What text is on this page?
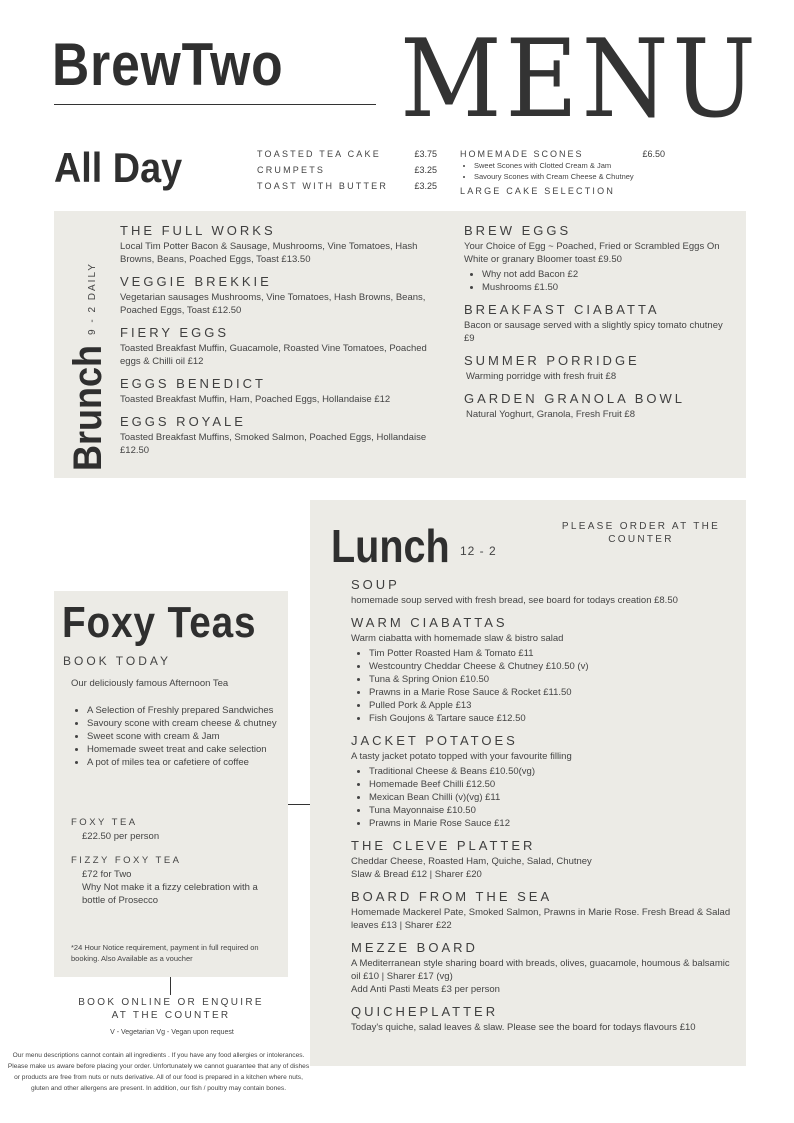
BrewTwo MENU
All Day	TOASTED TEA CAKE	£3.75
CRUMPETS	£3.25
TOAST WITH BUTTER	£3.25
HOMEMADE SCONES	£6.50
• Sweet Scones with Clotted Cream & Jam
• Savoury Scones with Cream Cheese & Chutney
LARGE CAKE SELECTION
Brunch
9 - 2 DAILY

THE FULL WORKS

Local Tim Potter Bacon & Sausage, Mushrooms, Vine Tomatoes, Hash Browns, Beans, Poached Eggs, Toast £13.50

VEGGIE BREKKIE

Vegetarian sausages Mushrooms, Vine Tomatoes, Hash Browns, Beans, Poached Eggs, Toast £12.50

FIERY EGGS

Toasted Breakfast Muffin, Guacamole, Roasted Vine Tomatoes, Poached eggs & Chilli oil £12

EGGS BENEDICT

Toasted Breakfast Muffin, Ham, Poached Eggs, Hollandaise £12

EGGS ROYALE

Toasted Breakfast Muffins, Smoked Salmon, Poached Eggs, Hollandaise £12.50

BREW EGGS

Your Choice of Egg ~ Poached, Fried or Scrambled Eggs On White or granary Bloomer toast £9.50

• Why not add Bacon £2
• Mushrooms £1.50

BREAKFAST CIABATTA

Bacon or sausage served with a slightly spicy tomato chutney £9

SUMMER PORRIDGE

Warming porridge with fresh fruit £8

GARDEN GRANOLA BOWL

Natural Yoghurt, Granola, Fresh Fruit £8

Lunch 12 - 2
PLEASE ORDER AT THE COUNTER

SOUP

homemade soup served with fresh bread, see board for todays creation £8.50

WARM CIABATTAS

Warm ciabatta with homemade slaw & bistro salad

• Tim Potter Roasted Ham & Tomato £11
• Westcountry Cheddar Cheese & Chutney £10.50 (v)
• Tuna & Spring Onion £10.50
• Prawns in a Marie Rose Sauce & Rocket £11.50
• Pulled Pork & Apple £13
• Fish Goujons & Tartare sauce £12.50

JACKET POTATOES

A tasty jacket potato topped with your favourite filling

• Traditional Cheese & Beans £10.50(vg)
• Homemade Beef Chilli £12.50
• Mexican Bean Chilli (v)(vg) £11
• Tuna Mayonnaise £10.50
• Prawns in Marie Rose Sauce £12

THE CLEVE PLATTER

Cheddar Cheese, Roasted Ham, Quiche, Salad, Chutney

Slaw & Bread £12 | Sharer £20

BOARD FROM THE SEA

Homemade Mackerel Pate, Smoked Salmon, Prawns in Marie Rose. Fresh Bread & Salad leaves £13 | Sharer £22

MEZZE BOARD

A Mediterranean style sharing board with breads, olives, guacamole, houmous & balsamic oil £10 | Sharer £17 (vg)

Add Anti Pasti Meats £3 per person

QUICHEPLATTER

Today's quiche, salad leaves & slaw. Please see the board for todays flavours £10

Foxy Teas
BOOK TODAY

Our deliciously famous Afternoon Tea

• A Selection of Freshly prepared Sandwiches
• Savoury scone with cream cheese & chutney
• Sweet scone with cream & Jam
• Homemade sweet treat and cake selection
• A pot of miles tea or cafetiere of coffee
FOXY TEA
£22.50 per person
FIZZY FOXY TEA
£72 for Two
Why Not make it a fizzy celebration with a bottle of Prosecco
*24 Hour Notice requirement, payment in full required on booking. Also Available as a voucher
BOOK ONLINE OR ENQUIRE AT THE COUNTER
V - Vegetarian Vg - Vegan upon request
Our menu descriptions cannot contain all ingredients . If you have any food allergies or intolerances. Please make us aware before placing your order. Unfortunately we cannot guarantee that any of dishes or products are free from nuts or nuts derivative. All of our food is prepared in a kitchen where nuts, gluten and other allergens are present. In addition, our fish / poultry may contain bones.
